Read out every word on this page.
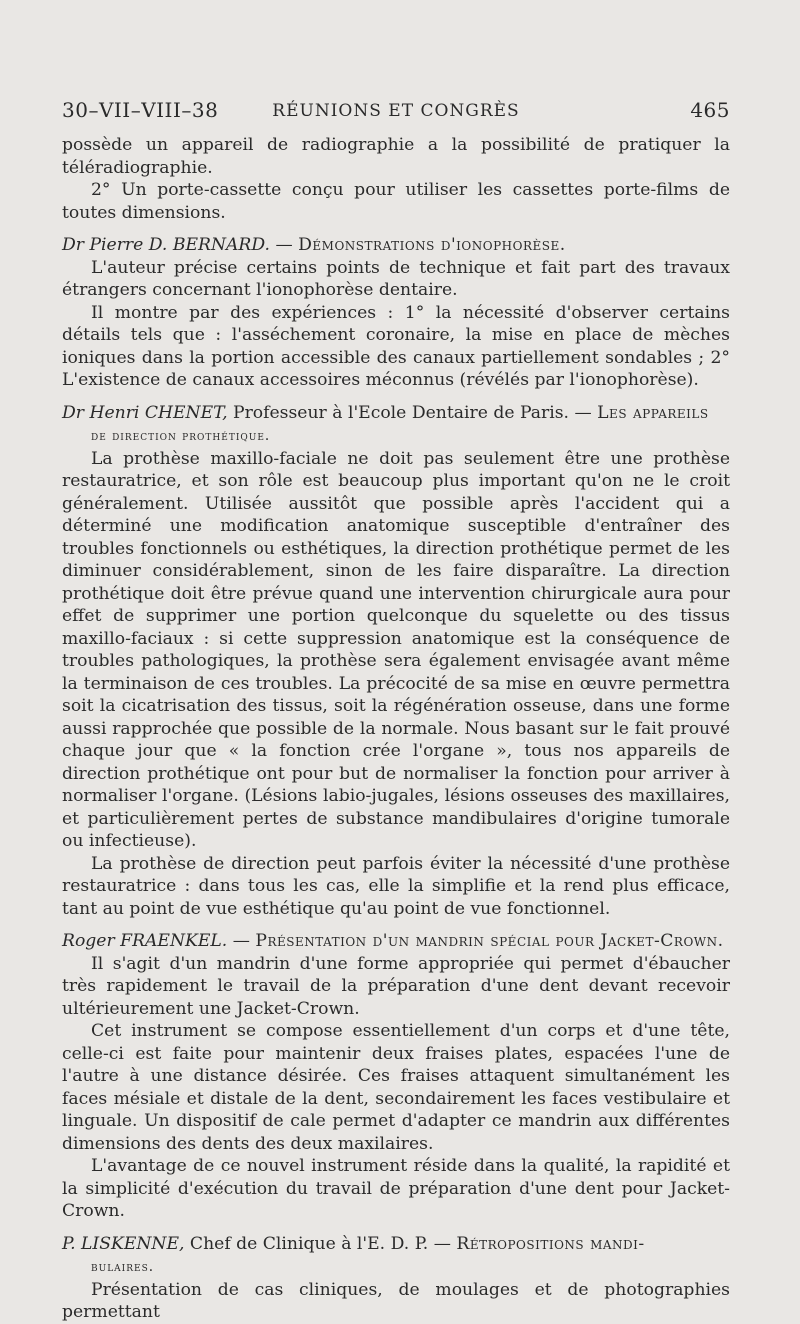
30–VII–VIII–38	RÉUNIONS ET CONGRÈS	465

possède un appareil de radiographie a la possibilité de pratiquer la téléradiographie.

2° Un porte-cassette conçu pour utiliser les cassettes porte-films de toutes dimensions.

Dr Pierre D. BERNARD. — Démonstrations d'ionophorèse.

L'auteur précise certains points de technique et fait part des travaux étrangers concernant l'ionophorèse dentaire.

Il montre par des expériences : 1° la nécessité d'observer certains détails tels que : l'asséchement coronaire, la mise en place de mèches ioniques dans la portion accessible des canaux partiellement sondables ; 2° L'existence de canaux accessoires méconnus (révélés par l'ionophorèse).

Dr Henri CHENET, Professeur à l'Ecole Dentaire de Paris. — Les appareils

de direction prothétique.

La prothèse maxillo-faciale ne doit pas seulement être une prothèse restauratrice, et son rôle est beaucoup plus important qu'on ne le croit généralement. Utilisée aussitôt que possible après l'accident qui a déterminé une modification anatomique susceptible d'entraîner des troubles fonctionnels ou esthétiques, la direction prothétique permet de les diminuer considérablement, sinon de les faire disparaître. La direction prothétique doit être prévue quand une intervention chirurgicale aura pour effet de supprimer une portion quelconque du squelette ou des tissus maxillo-faciaux : si cette suppression anatomique est la conséquence de troubles pathologiques, la prothèse sera également envisagée avant même la terminaison de ces troubles. La précocité de sa mise en œuvre permettra soit la cicatrisation des tissus, soit la régénération osseuse, dans une forme aussi rapprochée que possible de la normale. Nous basant sur le fait prouvé chaque jour que « la fonction crée l'organe », tous nos appareils de direction prothétique ont pour but de normaliser la fonction pour arriver à normaliser l'organe. (Lésions labio-jugales, lésions osseuses des maxillaires, et particulièrement pertes de substance mandibulaires d'origine tumorale ou infectieuse).

La prothèse de direction peut parfois éviter la nécessité d'une prothèse restauratrice : dans tous les cas, elle la simplifie et la rend plus efficace, tant au point de vue esthétique qu'au point de vue fonctionnel.

Roger FRAENKEL. — Présentation d'un mandrin spécial pour Jacket-Crown.

Il s'agit d'un mandrin d'une forme appropriée qui permet d'ébaucher très rapidement le travail de la préparation d'une dent devant recevoir ultérieurement une Jacket-Crown.

Cet instrument se compose essentiellement d'un corps et d'une tête, celle-ci est faite pour maintenir deux fraises plates, espacées l'une de l'autre à une distance désirée. Ces fraises attaquent simultanément les faces mésiale et distale de la dent, secondairement les faces vestibulaire et linguale. Un dispositif de cale permet d'adapter ce mandrin aux différentes dimensions des dents des deux maxilaires.

L'avantage de ce nouvel instrument réside dans la qualité, la rapidité et la simplicité d'exécution du travail de préparation d'une dent pour Jacket-Crown.

P. LISKENNE, Chef de Clinique à l'E. D. P. — Rétropositions mandi-

bulaires.

Présentation de cas cliniques, de moulages et de photographies permettant
